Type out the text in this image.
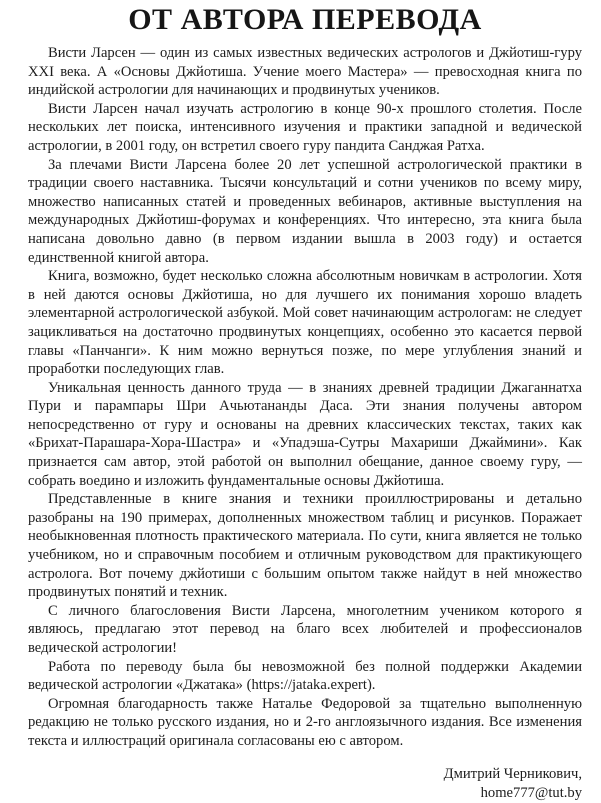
ОТ АВТОРА ПЕРЕВОДА

Висти Ларсен — один из самых известных ведических астрологов и Джйотиш-гуру XXI века. А «Основы Джйотиша. Учение моего Мастера» — превосходная книга по индийской астрологии для начинающих и продвинутых учеников.

Висти Ларсен начал изучать астрологию в конце 90-х прошлого столетия. После нескольких лет поиска, интенсивного изучения и практики западной и ведической астрологии, в 2001 году, он встретил своего гуру пандита Санджая Ратха.

За плечами Висти Ларсена более 20 лет успешной астрологической практики в традиции своего наставника. Тысячи консультаций и сотни учеников по всему миру, множество написанных статей и проведенных вебинаров, активные выступления на международных Джйотиш-форумах и конференциях. Что интересно, эта книга была написана довольно давно (в первом издании вышла в 2003 году) и остается единственной книгой автора.

Книга, возможно, будет несколько сложна абсолютным новичкам в астрологии. Хотя в ней даются основы Джйотиша, но для лучшего их понимания хорошо владеть элементарной астрологической азбукой. Мой совет начинающим астрологам: не следует зацикливаться на достаточно продвинутых концепциях, особенно это касается первой главы «Панчанги». К ним можно вернуться позже, по мере углубления знаний и проработки последующих глав.

Уникальная ценность данного труда — в знаниях древней традиции Джаганнатха Пури и парампары Шри Ачьютананды Даса. Эти знания получены автором непосредственно от гуру и основаны на древних классических текстах, таких как «Брихат-Парашара-Хора-Шастра» и «Упадэша-Сутры Махариши Джаймини». Как признается сам автор, этой работой он выполнил обещание, данное своему гуру, — собрать воедино и изложить фундаментальные основы Джйотиша.

Представленные в книге знания и техники проиллюстрированы и детально разобраны на 190 примерах, дополненных множеством таблиц и рисунков. Поражает необыкновенная плотность практического материала. По сути, книга является не только учебником, но и справочным пособием и отличным руководством для практикующего астролога. Вот почему джйотиши с большим опытом также найдут в ней множество продвинутых понятий и техник.

С личного благословения Висти Ларсена, многолетним учеником которого я являюсь, предлагаю этот перевод на благо всех любителей и профессионалов ведической астрологии!

Работа по переводу была бы невозможной без полной поддержки Академии ведической астрологии «Джатака» (https://jataka.expert).

Огромная благодарность также Наталье Федоровой за тщательно выполненную редакцию не только русского издания, но и 2-го англоязычного издания. Все изменения текста и иллюстраций оригинала согласованы ею с автором.

Дмитрий Черникович,
home777@tut.by
